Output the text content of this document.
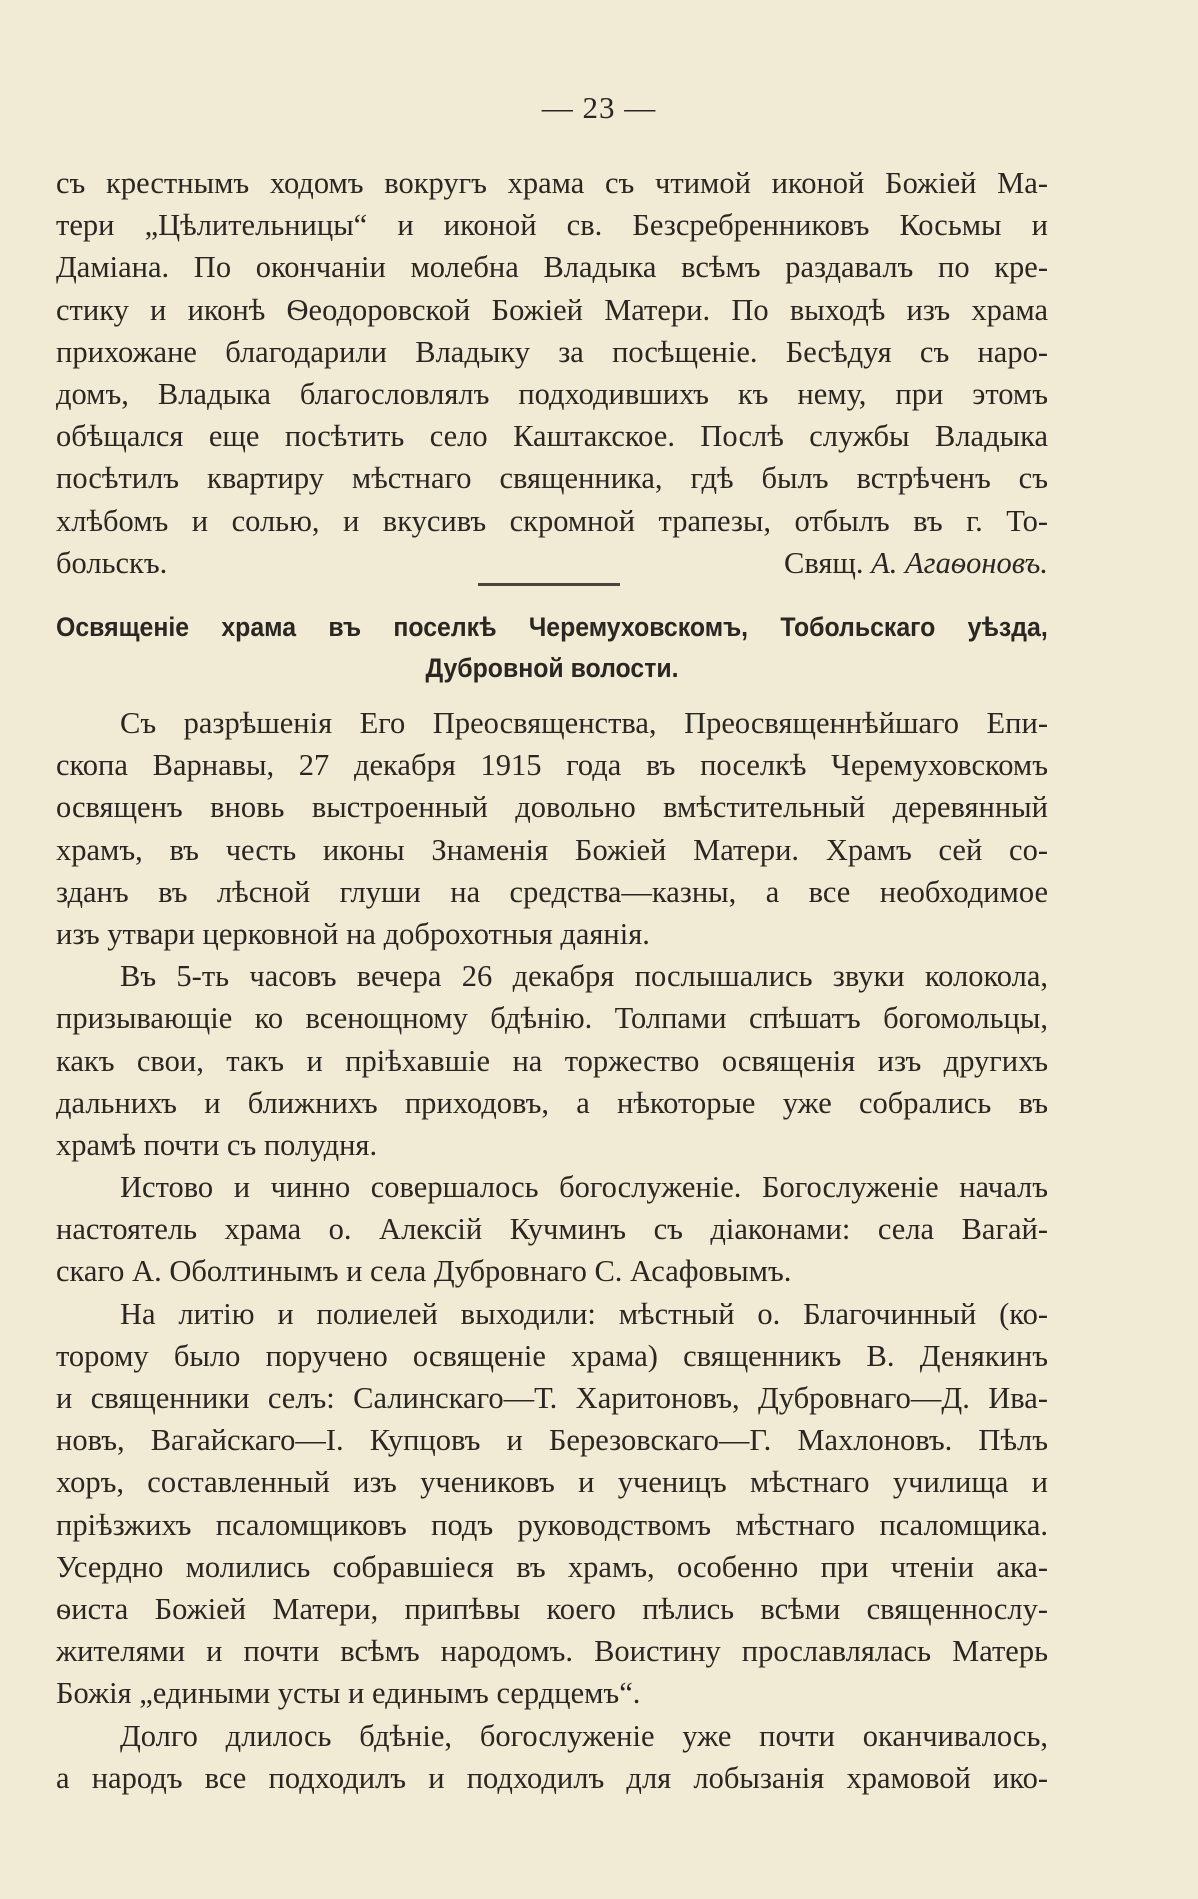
— 23 —
съ крестнымъ ходомъ вокругъ храма съ чтимой иконой Божіей Ма-
тери „Цѣлительницы“ и иконой св. Безсребренниковъ Косьмы и
Даміана. По окончаніи молебна Владыка всѣмъ раздавалъ по кре-
стику и иконѣ Ѳеодоровской Божіей Матери. По выходѣ изъ храма
прихожане благодарили Владыку за посѣщеніе. Бесѣдуя съ наро-
домъ, Владыка благословлялъ подходившихъ къ нему, при этомъ
обѣщался еще посѣтить село Каштакское. Послѣ службы Владыка
посѣтилъ квартиру мѣстнаго священника, гдѣ былъ встрѣченъ съ
хлѣбомъ и солью, и вкусивъ скромной трапезы, отбылъ въ г. То-
больскъ.	Свящ. А. Агаѳоновъ.
Освященіе храма въ поселкѣ Черемуховскомъ, Тобольскаго уѣзда,
Дубровной волости.
Съ разрѣшенія Его Преосвященства, Преосвященнѣйшаго Епи-
скопа Варнавы, 27 декабря 1915 года въ поселкѣ Черемуховскомъ
освященъ вновь выстроенный довольно вмѣстительный деревянный
храмъ, въ честь иконы Знаменія Божіей Матери. Храмъ сей со-
зданъ въ лѣсной глуши на средства—казны, а все необходимое
изъ утвари церковной на доброхотныя даянія.
Въ 5-ть часовъ вечера 26 декабря послышались звуки колокола,
призывающіе ко всенощному бдѣнію. Толпами спѣшатъ богомольцы,
какъ свои, такъ и пріѣхавшіе на торжество освященія изъ другихъ
дальнихъ и ближнихъ приходовъ, а нѣкоторые уже собрались въ
храмѣ почти съ полудня.
Истово и чинно совершалось богослуженіе. Богослуженіе началъ
настоятель храма о. Алексій Кучминъ съ діаконами: села Вагай-
скаго А. Оболтинымъ и села Дубровнаго С. Асафовымъ.
На литію и полиелей выходили: мѣстный о. Благочинный (ко-
торому было поручено освященіе храма) священникъ В. Денякинъ
и священники селъ: Салинскаго—Т. Харитоновъ, Дубровнаго—Д. Ива-
новъ, Вагайскаго—І. Купцовъ и Березовскаго—Г. Махлоновъ. Пѣлъ
хоръ, составленный изъ учениковъ и ученицъ мѣстнаго училища и
пріѣзжихъ псаломщиковъ подъ руководствомъ мѣстнаго псаломщика.
Усердно молились собравшіеся въ храмъ, особенно при чтеніи ака-
ѳиста Божіей Матери, припѣвы коего пѣлись всѣми священнослу-
жителями и почти всѣмъ народомъ. Воистину прославлялась Матерь
Божія „едиными усты и единымъ сердцемъ“.
Долго длилось бдѣніе, богослуженіе уже почти оканчивалось,
а народъ все подходилъ и подходилъ для лобызанія храмовой ико-
